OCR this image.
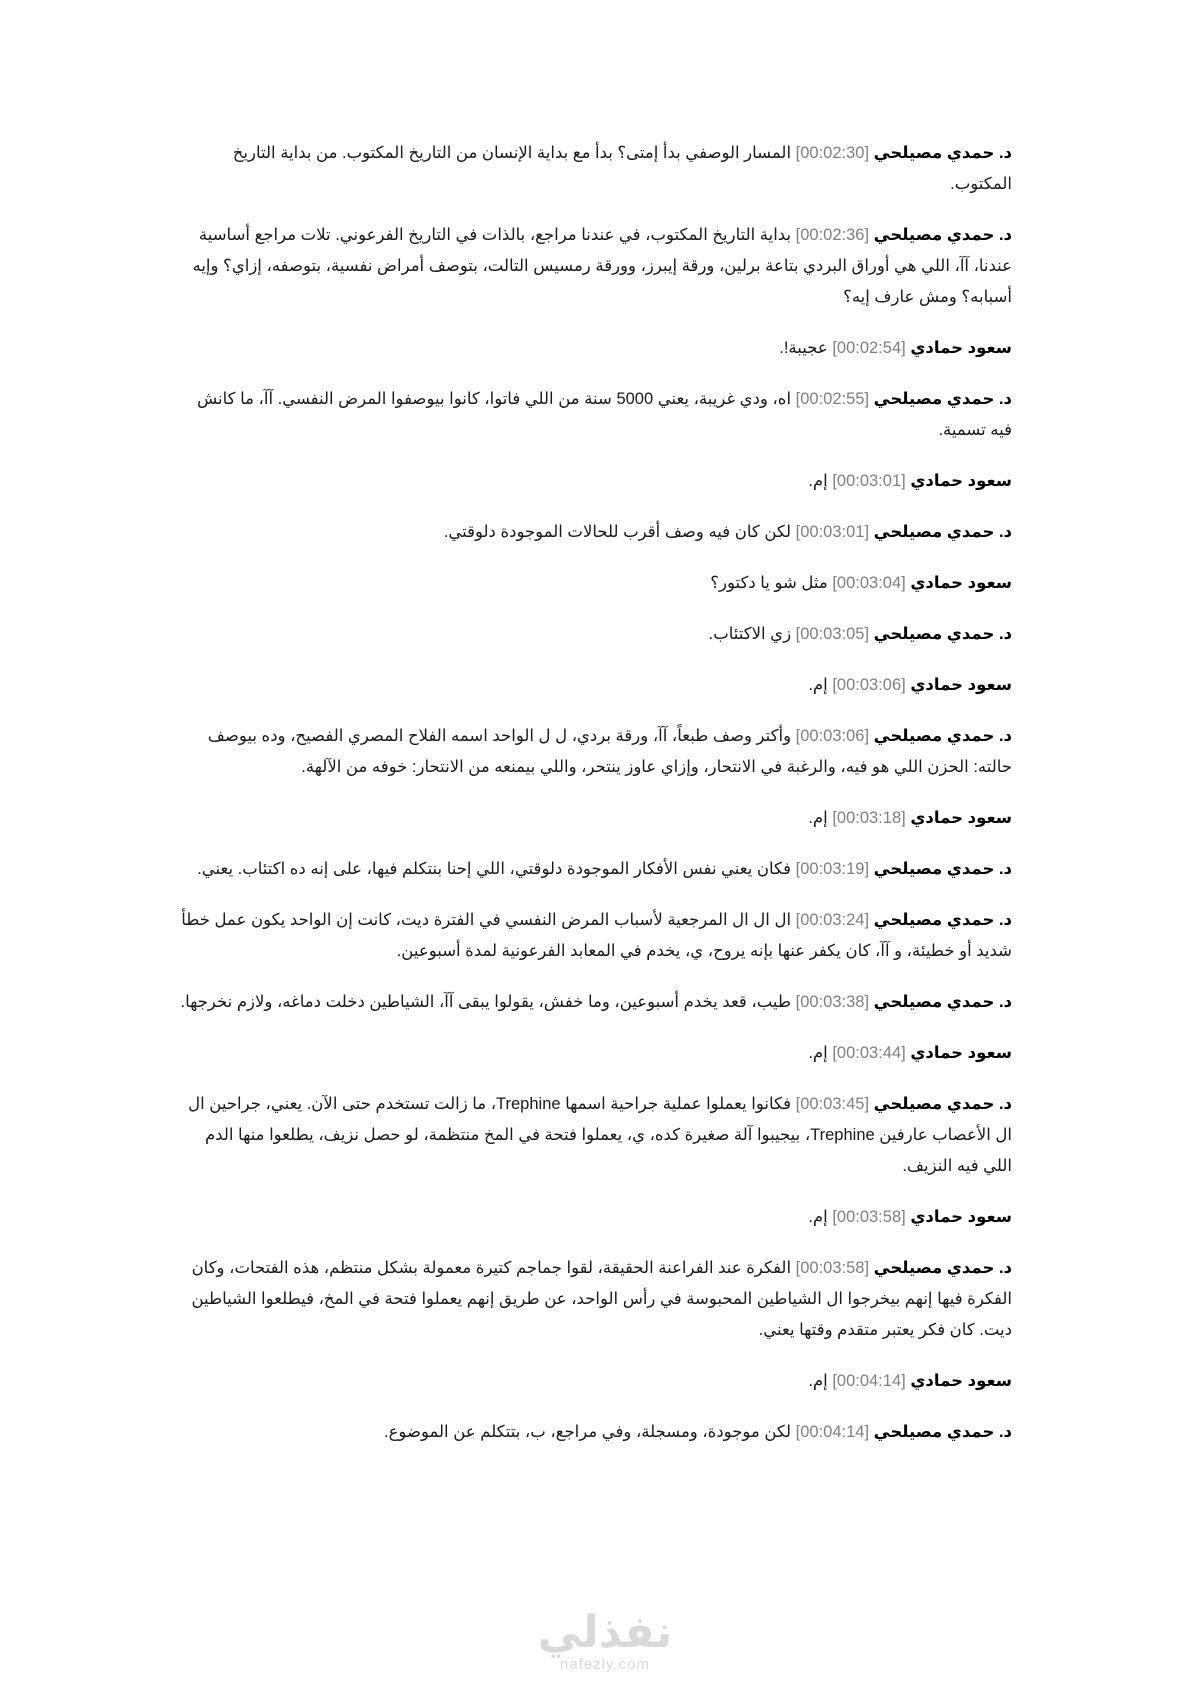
د. حمدي مصيلحي [00:02:30] المسار الوصفي بدأ إمتى؟ بدأ مع بداية الإنسان من التاريخ المكتوب. من بداية التاريخ المكتوب.

د. حمدي مصيلحي [00:02:36] بداية التاريخ المكتوب، في عندنا مراجع، بالذات في التاريخ الفرعوني. تلات مراجع أساسية عندنا، آآ، اللي هي أوراق البردي بتاعة برلين، ورقة إيبرز، وورقة رمسيس التالت، بتوصف أمراض نفسية، بتوصفه، إزاي؟ وإيه أسبابه؟ ومش عارف إيه؟

سعود حمادي [00:02:54] عجيبة!.

د. حمدي مصيلحي [00:02:55] اه، ودي غريبة، يعني 5000 سنة من اللي فاتوا، كانوا بيوصفوا المرض النفسي. آآ، ما كانش فيه تسمية.

سعود حمادي [00:03:01] إم.

د. حمدي مصيلحي [00:03:01] لكن كان فيه وصف أقرب للحالات الموجودة دلوقتي.

سعود حمادي [00:03:04] مثل شو يا دكتور؟

د. حمدي مصيلحي [00:03:05] زي الاكتئاب.

سعود حمادي [00:03:06] إم.

د. حمدي مصيلحي [00:03:06] وأكتر وصف طبعاً، آآ، ورقة بردي، ل ل الواحد اسمه الفلاح المصري الفصيح، وده بيوصف حالته: الحزن اللي هو فيه، والرغبة في الانتحار، وإزاي عاوز ينتحر، واللي بيمنعه من الانتحار: خوفه من الآلهة.

سعود حمادي [00:03:18] إم.

د. حمدي مصيلحي [00:03:19] فكان يعني نفس الأفكار الموجودة دلوقتي، اللي إحنا بنتكلم فيها، على إنه ده اكتئاب. يعني.

د. حمدي مصيلحي [00:03:24] ال ال ال المرجعية لأسباب المرض النفسي في الفترة ديت، كانت إن الواحد يكون عمل خطأ شديد أو خطيئة، و آآ، كان يكفر عنها بإنه يروح، ي، يخدم في المعابد الفرعونية لمدة أسبوعين.

د. حمدي مصيلحي [00:03:38] طيب، قعد يخدم أسبوعين، وما خفش، يقولوا يبقى آآ، الشياطين دخلت دماغه، ولازم نخرجها.

سعود حمادي [00:03:44] إم.

د. حمدي مصيلحي [00:03:45] فكانوا يعملوا عملية جراحية اسمها Trephine، ما زالت تستخدم حتى الآن. يعني، جراحين ال ال الأعصاب عارفين Trephine، بيجيبوا آلة صغيرة كده، ي، يعملوا فتحة في المخ منتظمة، لو حصل نزيف، يطلعوا منها الدم اللي فيه النزيف.

سعود حمادي [00:03:58] إم.

د. حمدي مصيلحي [00:03:58] الفكرة عند الفراعنة الحقيقة، لقوا جماجم كتيرة معمولة بشكل منتظم، هذه الفتحات، وكان الفكرة فيها إنهم بيخرجوا ال الشياطين المحبوسة في رأس الواحد، عن طريق إنهم يعملوا فتحة في المخ، فيطلعوا الشياطين ديت. كان فكر يعتبر متقدم وقتها يعني.

سعود حمادي [00:04:14] إم.

د. حمدي مصيلحي [00:04:14] لكن موجودة، ومسجلة، وفي مراجع، ب، بتتكلم عن الموضوع.

نفذلي
nafezly.com
